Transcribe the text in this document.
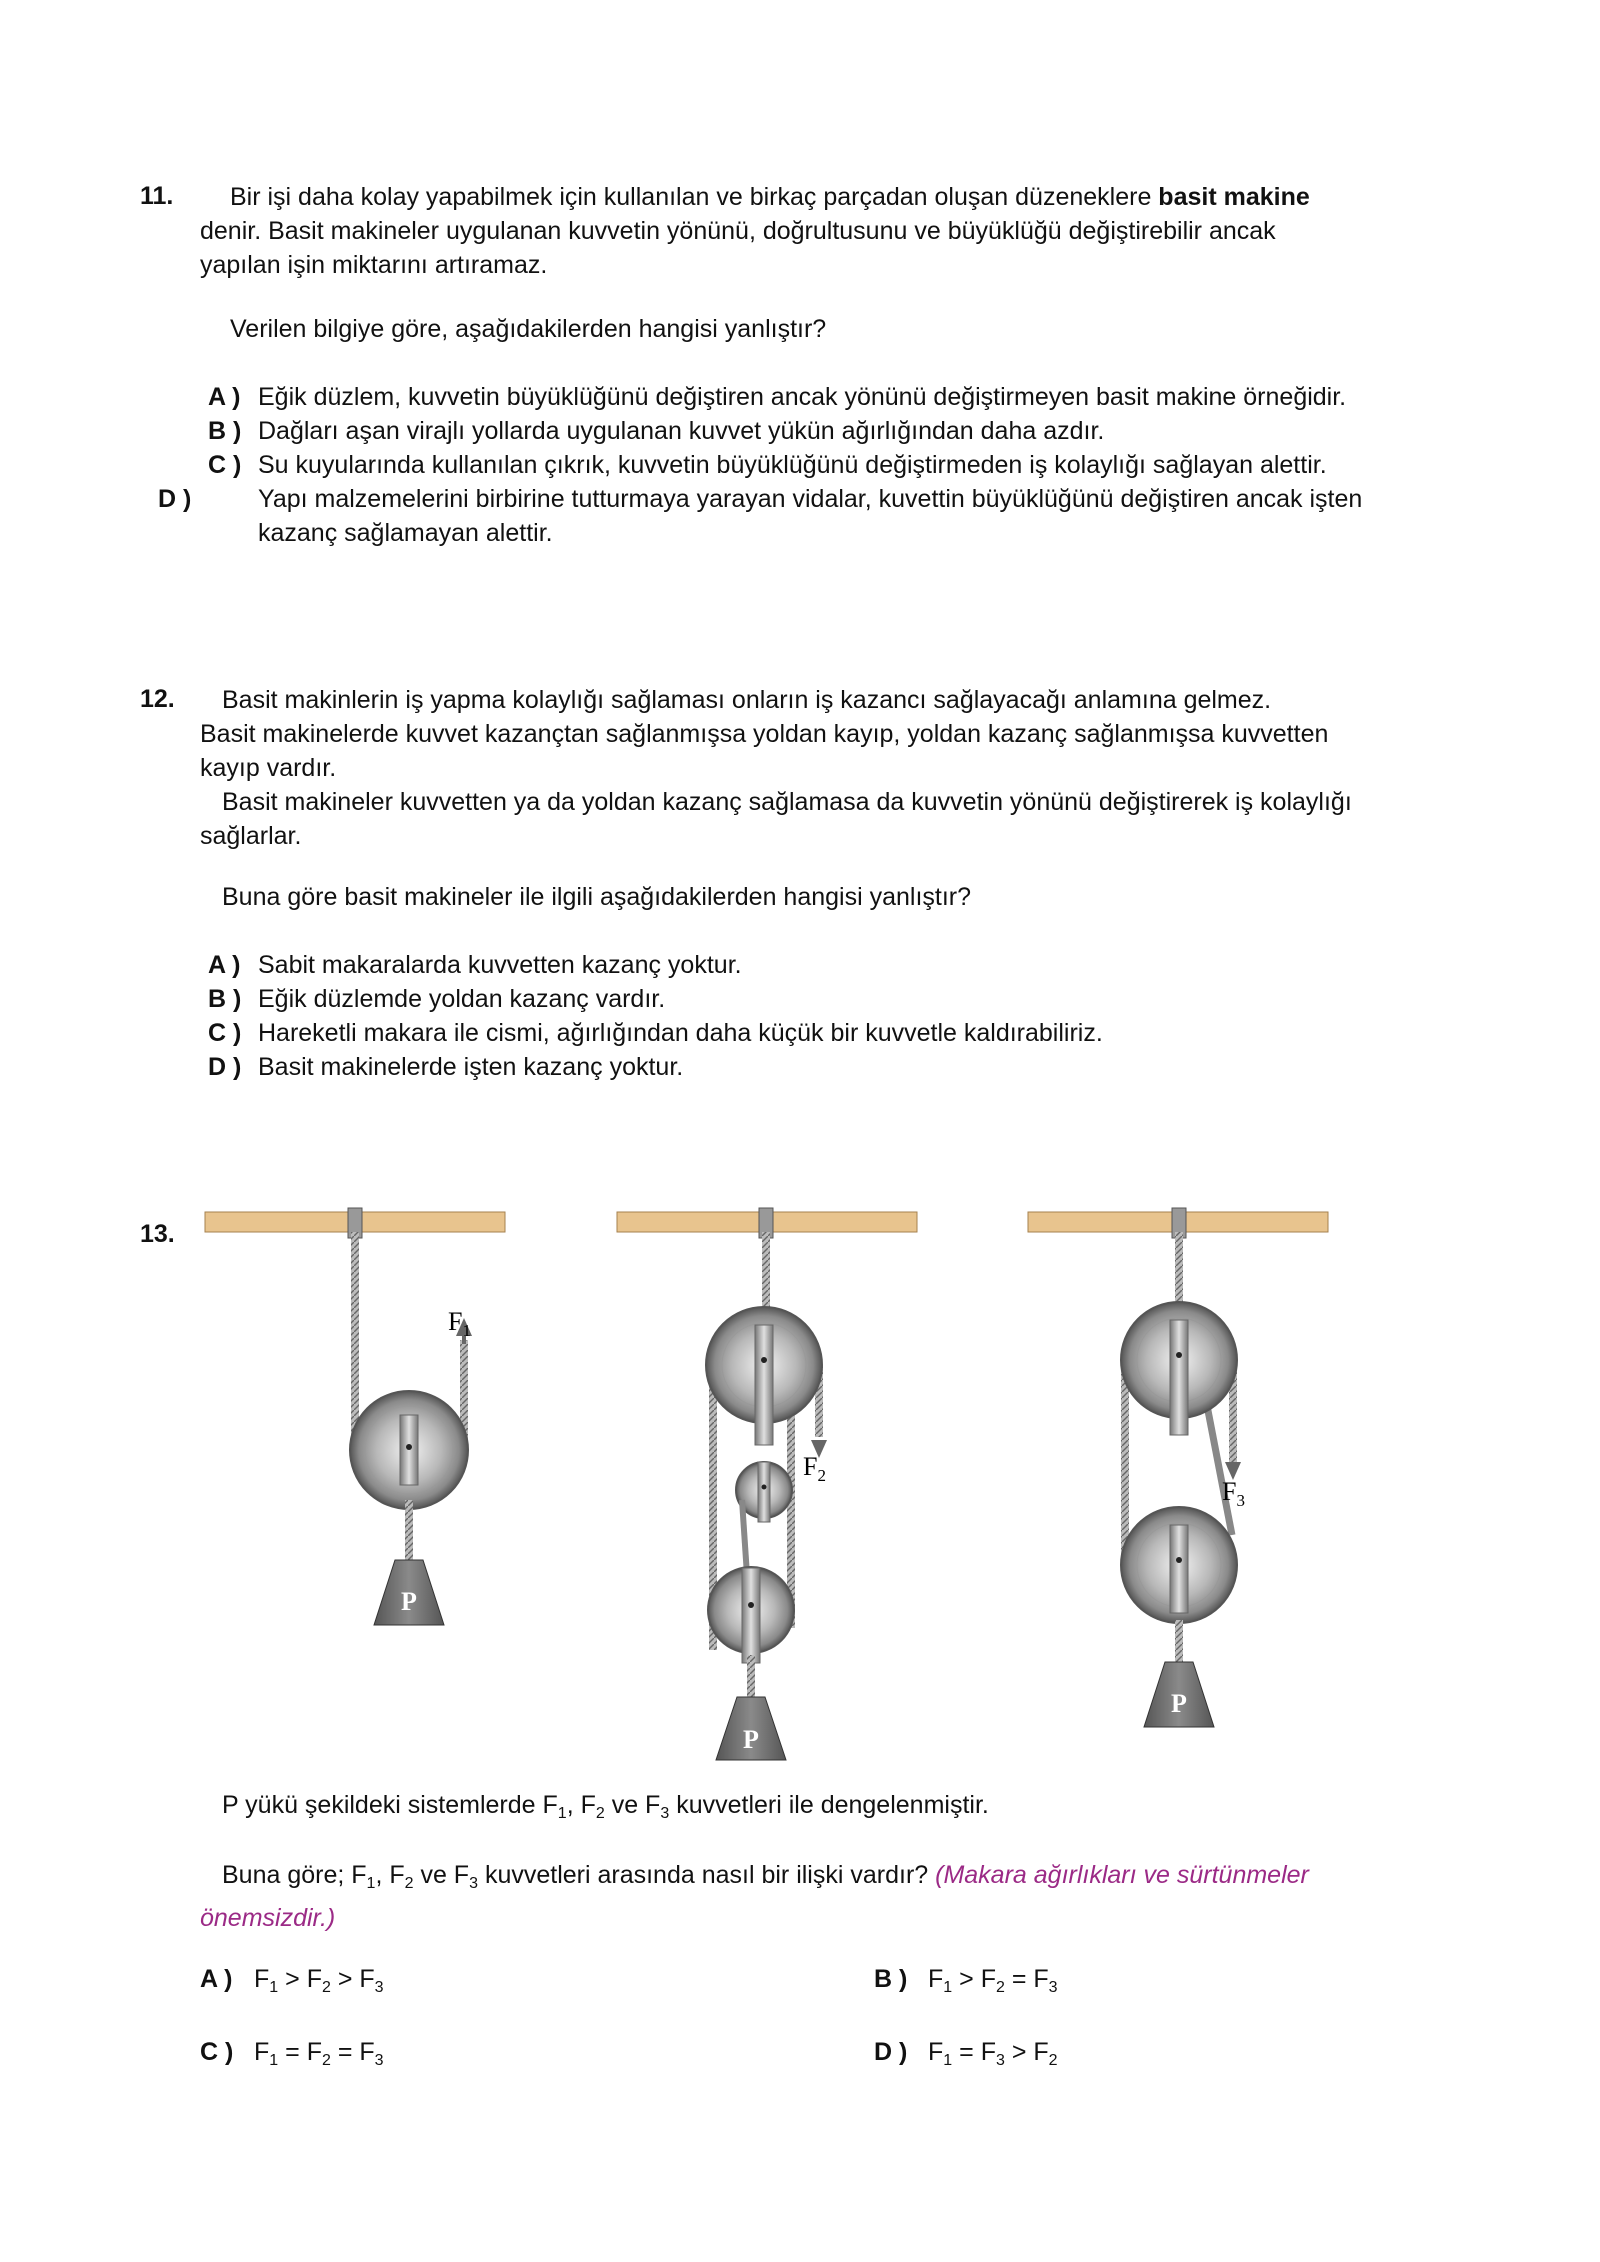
11.	Bir işi daha kolay yapabilmek için kullanılan ve birkaç parçadan oluşan düzeneklere basit makine
denir. Basit makineler uygulanan kuvvetin yönünü, doğrultusunu ve büyüklüğü değiştirebilir ancak
yapılan işin miktarını artıramaz.
Verilen bilgiye göre, aşağıdakilerden hangisi yanlıştır?
A ) Eğik düzlem, kuvvetin büyüklüğünü değiştiren ancak yönünü değiştirmeyen basit makine örneğidir.
B ) Dağları aşan virajlı yollarda uygulanan kuvvet yükün ağırlığından daha azdır.
C ) Su kuyularında kullanılan çıkrık, kuvvetin büyüklüğünü değiştirmeden iş kolaylığı sağlayan alettir.
D )	Yapı malzemelerini birbirine tutturmaya yarayan vidalar, kuvettin büyüklüğünü değiştiren ancak işten kazanç sağlamayan alettir.
12.	Basit makinlerin iş yapma kolaylığı sağlaması onların iş kazancı sağlayacağı anlamına gelmez.
Basit makinelerde kuvvet kazançtan sağlanmışsa yoldan kayıp, yoldan kazanç sağlanmışsa kuvvetten
kayıp vardır.
Basit makineler kuvvetten ya da yoldan kazanç sağlamasa da kuvvetin yönünü değiştirerek iş kolaylığı
sağlarlar.
Buna göre basit makineler ile ilgili aşağıdakilerden hangisi yanlıştır?
A ) Sabit makaralarda kuvvetten kazanç yoktur.
B ) Eğik düzlemde yoldan kazanç vardır.
C ) Hareketli makara ile cismi, ağırlığından daha küçük bir kuvvetle kaldırabiliriz.
D ) Basit makinelerde işten kazanç yoktur.
13.
P
$F_1$
P
$F_2$
P
$F_3$
P yükü şekildeki sistemlerde $F_1$, $F_2$ ve $F_3$ kuvvetleri ile dengelenmiştir.
Buna göre; $F_1$, $F_2$ ve $F_3$ kuvvetleri arasında nasıl bir ilişki vardır? (Makara ağırlıkları ve sürtünmeler
önemsizdir.)
A ) $F_1 > F_2 > F_3$	B ) $F_1 > F_2 = F_3$
C ) $F_1 = F_2 = F_3$	D ) $F_1 = F_3 > F_2$
